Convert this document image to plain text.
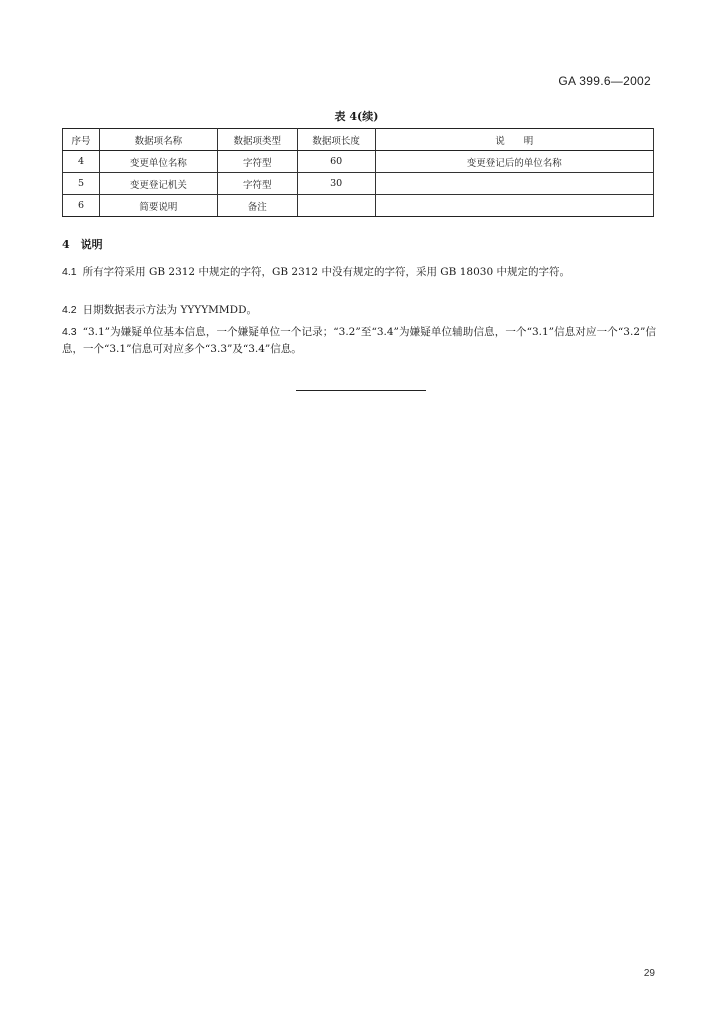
GA 399.6—2002
表 4(续)
序号	数据项名称	数据项类型	数据项长度	说　　明
4	变更单位名称	字符型	60	变更登记后的单位名称
5	变更登记机关	字符型	30	
6	简要说明	备注		
4　说明
4.1 所有字符采用 GB 2312 中规定的字符，GB 2312 中没有规定的字符，采用 GB 18030 中规定的字符。
4.2 日期数据表示方法为 YYYYMMDD。
4.3 “3.1”为嫌疑单位基本信息，一个嫌疑单位一个记录；“3.2”至“3.4”为嫌疑单位辅助信息，一个“3.1”信息对应一个“3.2”信息，一个“3.1”信息可对应多个“3.3”及“3.4”信息。
29
